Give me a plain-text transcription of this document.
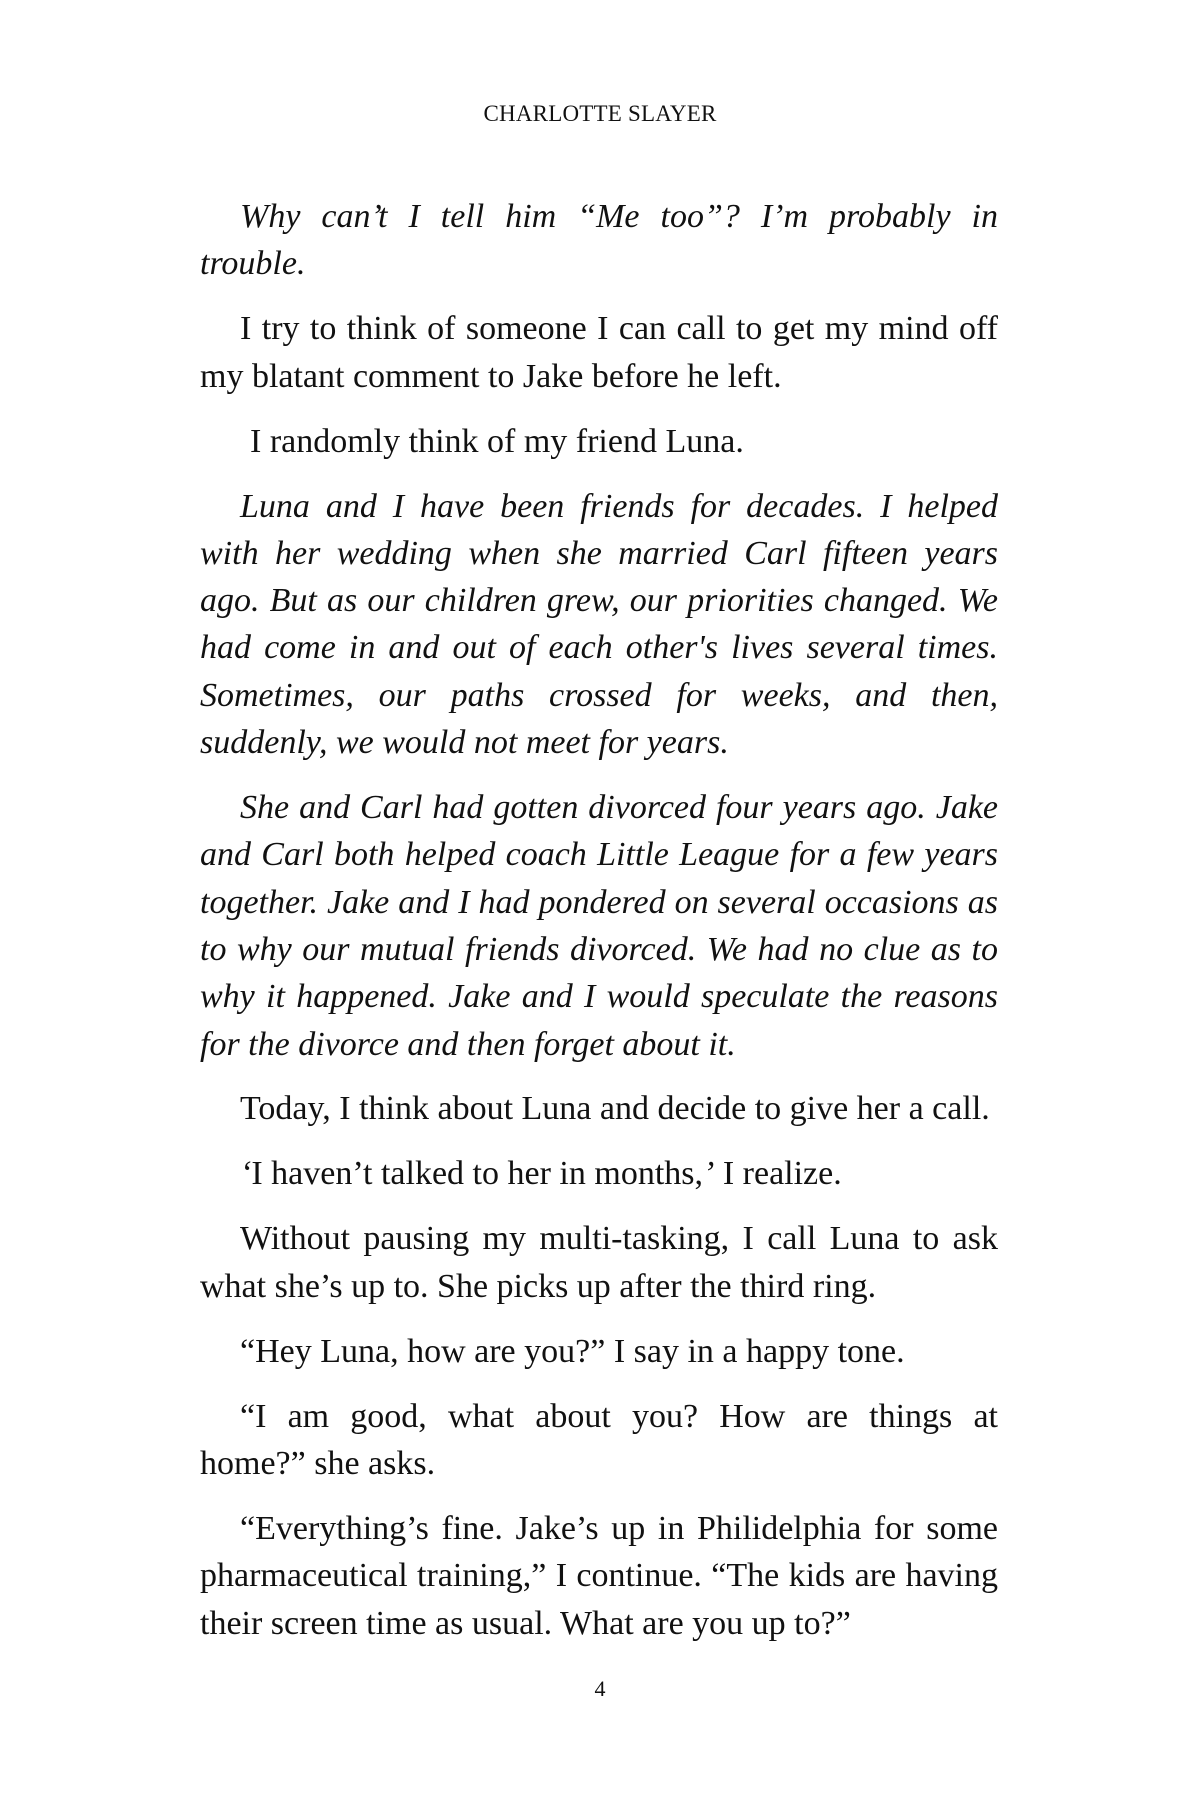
CHARLOTTE SLAYER

Why can’t I tell him “Me too”? I’m probably in trouble.

I try to think of someone I can call to get my mind off my blatant comment to Jake before he left.

I randomly think of my friend Luna.

Luna and I have been friends for decades. I helped with her wedding when she married Carl fifteen years ago. But as our children grew, our priorities changed. We had come in and out of each other's lives several times. Sometimes, our paths crossed for weeks, and then, suddenly, we would not meet for years.

She and Carl had gotten divorced four years ago. Jake and Carl both helped coach Little League for a few years together. Jake and I had pondered on several occasions as to why our mutual friends divorced. We had no clue as to why it happened. Jake and I would speculate the reasons for the divorce and then forget about it.

Today, I think about Luna and decide to give her a call.

‘I haven’t talked to her in months,’ I realize.

Without pausing my multi-tasking, I call Luna to ask what she’s up to. She picks up after the third ring.

“Hey Luna, how are you?” I say in a happy tone.

“I am good, what about you? How are things at home?” she asks.

“Everything’s fine. Jake’s up in Philidelphia for some pharmaceutical training,” I continue. “The kids are having their screen time as usual. What are you up to?”

4
